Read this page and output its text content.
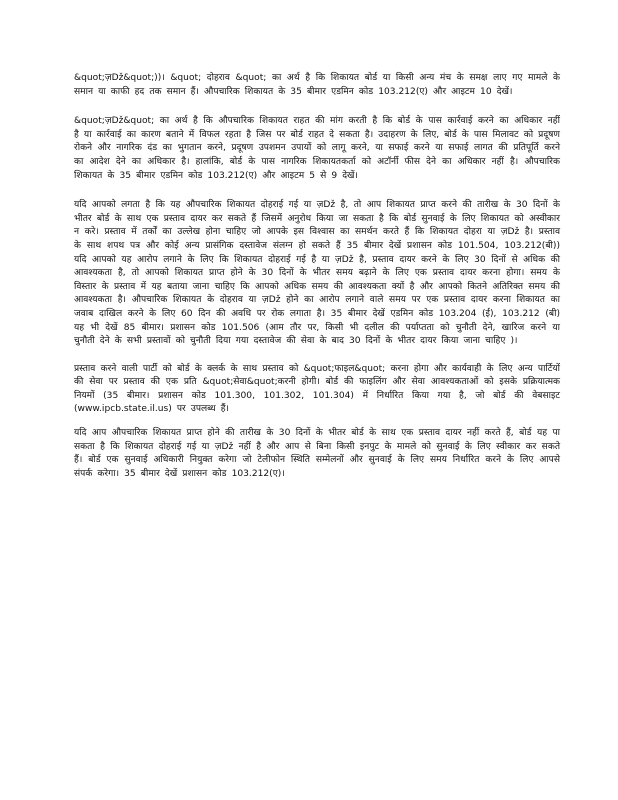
&quot;ज़Dž&quot;))। &quot; दोहराव &quot; का अर्थ है कि शिकायत बोर्ड या किसी अन्य मंच के समक्ष लाए गए मामले के समान या काफी हद तक समान हैं। औपचारिक शिकायत के 35 बीमार एडमिन कोड 103.212(ए) और आइटम 10 देखें।

&quot;ज़Dž&quot; का अर्थ है कि औपचारिक शिकायत राहत की मांग करती है कि बोर्ड के पास कार्रवाई करने का अधिकार नहीं है या कार्रवाई का कारण बताने में विफल रहता है जिस पर बोर्ड राहत दे सकता है। उदाहरण के लिए, बोर्ड के पास मिलावट को प्रदूषण रोकने और नागरिक दंड का भुगतान करने, प्रदूषण उपशमन उपायों को लागू करने, या सफाई करने या सफाई लागत की प्रतिपूर्ति करने का आदेश देने का अधिकार है। हालांकि, बोर्ड के पास नागरिक शिकायतकर्ता को अटॉर्नी फीस देने का अधिकार नहीं है। औपचारिक शिकायत के 35 बीमार एडमिन कोड 103.212(ए) और आइटम 5 से 9 देखें।

यदि आपको लगता है कि यह औपचारिक शिकायत दोहराई गई या ज़Dž है, तो आप शिकायत प्राप्त करने की तारीख के 30 दिनों के भीतर बोर्ड के साथ एक प्रस्ताव दायर कर सकते हैं जिसमें अनुरोध किया जा सकता है कि बोर्ड सुनवाई के लिए शिकायत को अस्वीकार न करे। प्रस्ताव में तर्कों का उल्लेख होना चाहिए जो आपके इस विश्वास का समर्थन करते हैं कि शिकायत दोहरा या ज़Dž है। प्रस्ताव के साथ शपथ पत्र और कोई अन्य प्रासंगिक दस्तावेज संलग्न हो सकते हैं 35 बीमार देखें प्रशासन कोड 101.504, 103.212(बी)) यदि आपको यह आरोप लगाने के लिए कि शिकायत दोहराई गई है या ज़Dž है, प्रस्ताव दायर करने के लिए 30 दिनों से अधिक की आवश्यकता है, तो आपको शिकायत प्राप्त होने के 30 दिनों के भीतर समय बढ़ाने के लिए एक प्रस्ताव दायर करना होगा। समय के विस्तार के प्रस्ताव में यह बताया जाना चाहिए कि आपको अधिक समय की आवश्यकता क्यों है और आपको कितने अतिरिक्त समय की आवश्यकता है। औपचारिक शिकायत के दोहराव या ज़Dž होने का आरोप लगाने वाले समय पर एक प्रस्ताव दायर करना शिकायत का जवाब दाखिल करने के लिए 60 दिन की अवधि पर रोक लगाता है। 35 बीमार देखें एडमिन कोड 103.204 (ई), 103.212 (बी) यह भी देखें 85 बीमार। प्रशासन कोड 101.506 (आम तौर पर, किसी भी दलील की पर्याप्तता को चुनौती देने, खारिज करने या चुनौती देने के सभी प्रस्तावों को चुनौती दिया गया दस्तावेज की सेवा के बाद 30 दिनों के भीतर दायर किया जाना चाहिए )।

प्रस्ताव करने वाली पार्टी को बोर्ड के क्लर्क के साथ प्रस्ताव को &quot;फाइल&quot; करना होगा और कार्यवाही के लिए अन्य पार्टियों की सेवा पर प्रस्ताव की एक प्रति &quot;सेवा&quot;करनी होगी। बोर्ड की फाइलिंग और सेवा आवश्यकताओं को इसके प्रक्रियात्मक नियमों (35 बीमार। प्रशासन कोड 101.300, 101.302, 101.304) में निर्धारित किया गया है, जो बोर्ड की वेबसाइट (www.ipcb.state.il.us) पर उपलब्ध हैं।

यदि आप औपचारिक शिकायत प्राप्त होने की तारीख के 30 दिनों के भीतर बोर्ड के साथ एक प्रस्ताव दायर नहीं करते हैं, बोर्ड यह पा सकता है कि शिकायत दोहराई गई या ज़Dž नहीं है और आप से बिना किसी इनपुट के मामले को सुनवाई के लिए स्वीकार कर सकते हैं। बोर्ड एक सुनवाई अधिकारी नियुक्त करेगा जो टेलीफोन स्थिति सम्मेलनों और सुनवाई के लिए समय निर्धारित करने के लिए आपसे संपर्क करेगा। 35 बीमार देखें प्रशासन कोड 103.212(ए)।
